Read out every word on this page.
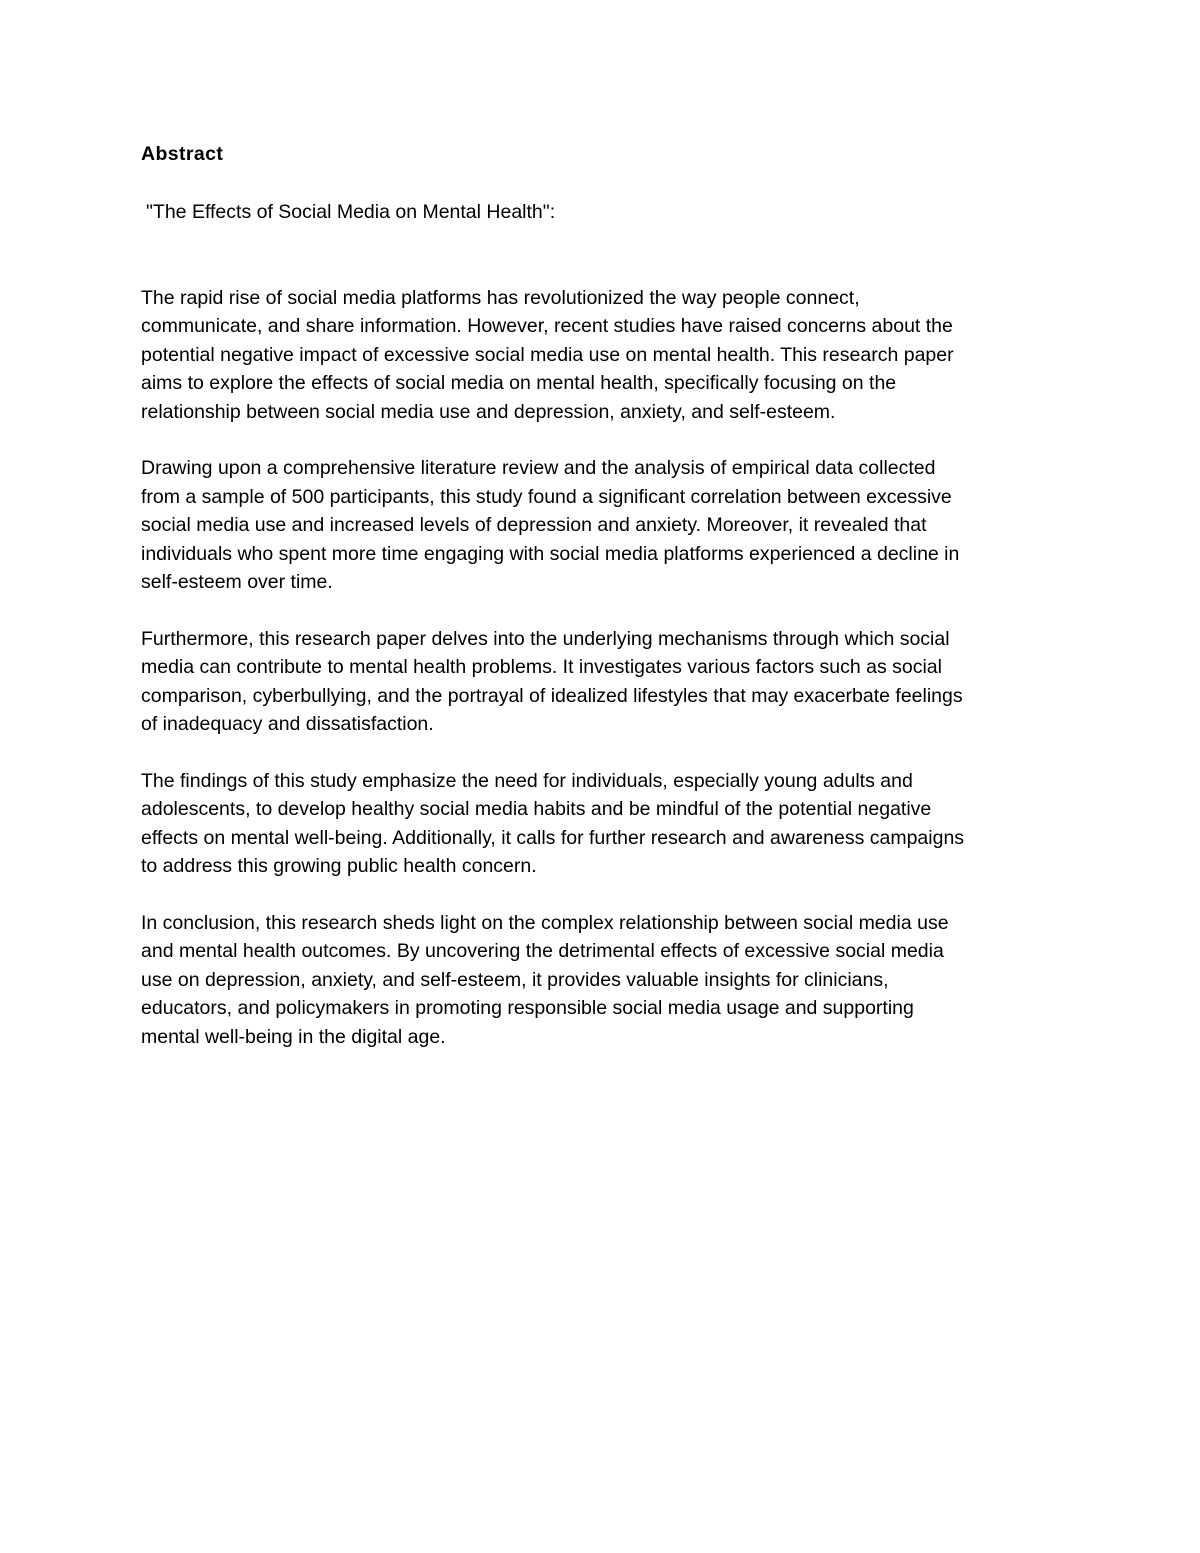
Abstract
"The Effects of Social Media on Mental Health":
The rapid rise of social media platforms has revolutionized the way people connect,
communicate, and share information. However, recent studies have raised concerns about the
potential negative impact of excessive social media use on mental health. This research paper
aims to explore the effects of social media on mental health, specifically focusing on the
relationship between social media use and depression, anxiety, and self-esteem.
Drawing upon a comprehensive literature review and the analysis of empirical data collected
from a sample of 500 participants, this study found a significant correlation between excessive
social media use and increased levels of depression and anxiety. Moreover, it revealed that
individuals who spent more time engaging with social media platforms experienced a decline in
self-esteem over time.
Furthermore, this research paper delves into the underlying mechanisms through which social
media can contribute to mental health problems. It investigates various factors such as social
comparison, cyberbullying, and the portrayal of idealized lifestyles that may exacerbate feelings
of inadequacy and dissatisfaction.
The findings of this study emphasize the need for individuals, especially young adults and
adolescents, to develop healthy social media habits and be mindful of the potential negative
effects on mental well-being. Additionally, it calls for further research and awareness campaigns
to address this growing public health concern.
In conclusion, this research sheds light on the complex relationship between social media use
and mental health outcomes. By uncovering the detrimental effects of excessive social media
use on depression, anxiety, and self-esteem, it provides valuable insights for clinicians,
educators, and policymakers in promoting responsible social media usage and supporting
mental well-being in the digital age.
